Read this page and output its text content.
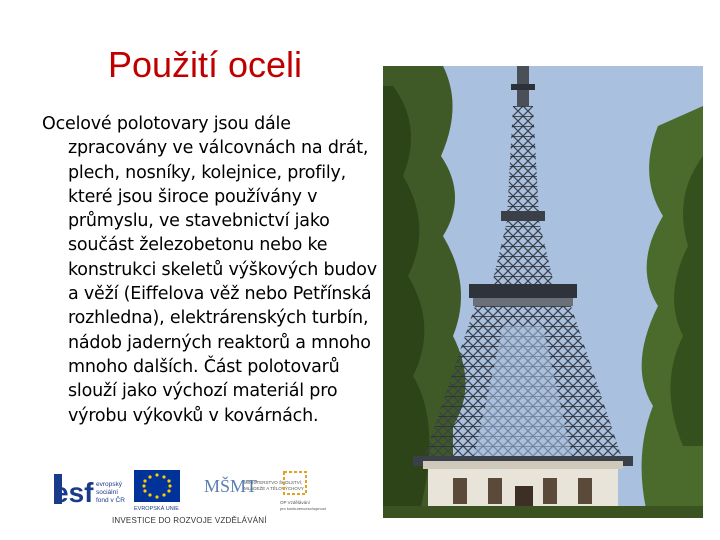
Použití oceli

Ocelové polotovary jsou dále zpracovány ve válcovnách na drát, plech, nosníky, kolejnice, profily, které jsou široce používány v průmyslu, ve stavebnictví jako součást železobetonu nebo ke konstrukci skeletů výškových budov a věží (Eiffelova věž nebo Petřínská rozhledna), elektrárenských turbín, nádob jaderných reaktorů a mnoho mnoho dalších. Část polotovarů slouží jako výchozí materiál pro výrobu výkovků v kovárnách.

esf evropský
sociální
fond v ČR
EVROPSKÁ UNIE
MŠMT
MINISTERSTVO ŠKOLSTVÍ,
MLÁDEŽE A TĚLOVÝCHOVY
OP Vzdělávání
pro konkurenceschopnost
INVESTICE DO ROZVOJE VZDĚLÁVÁNÍ
